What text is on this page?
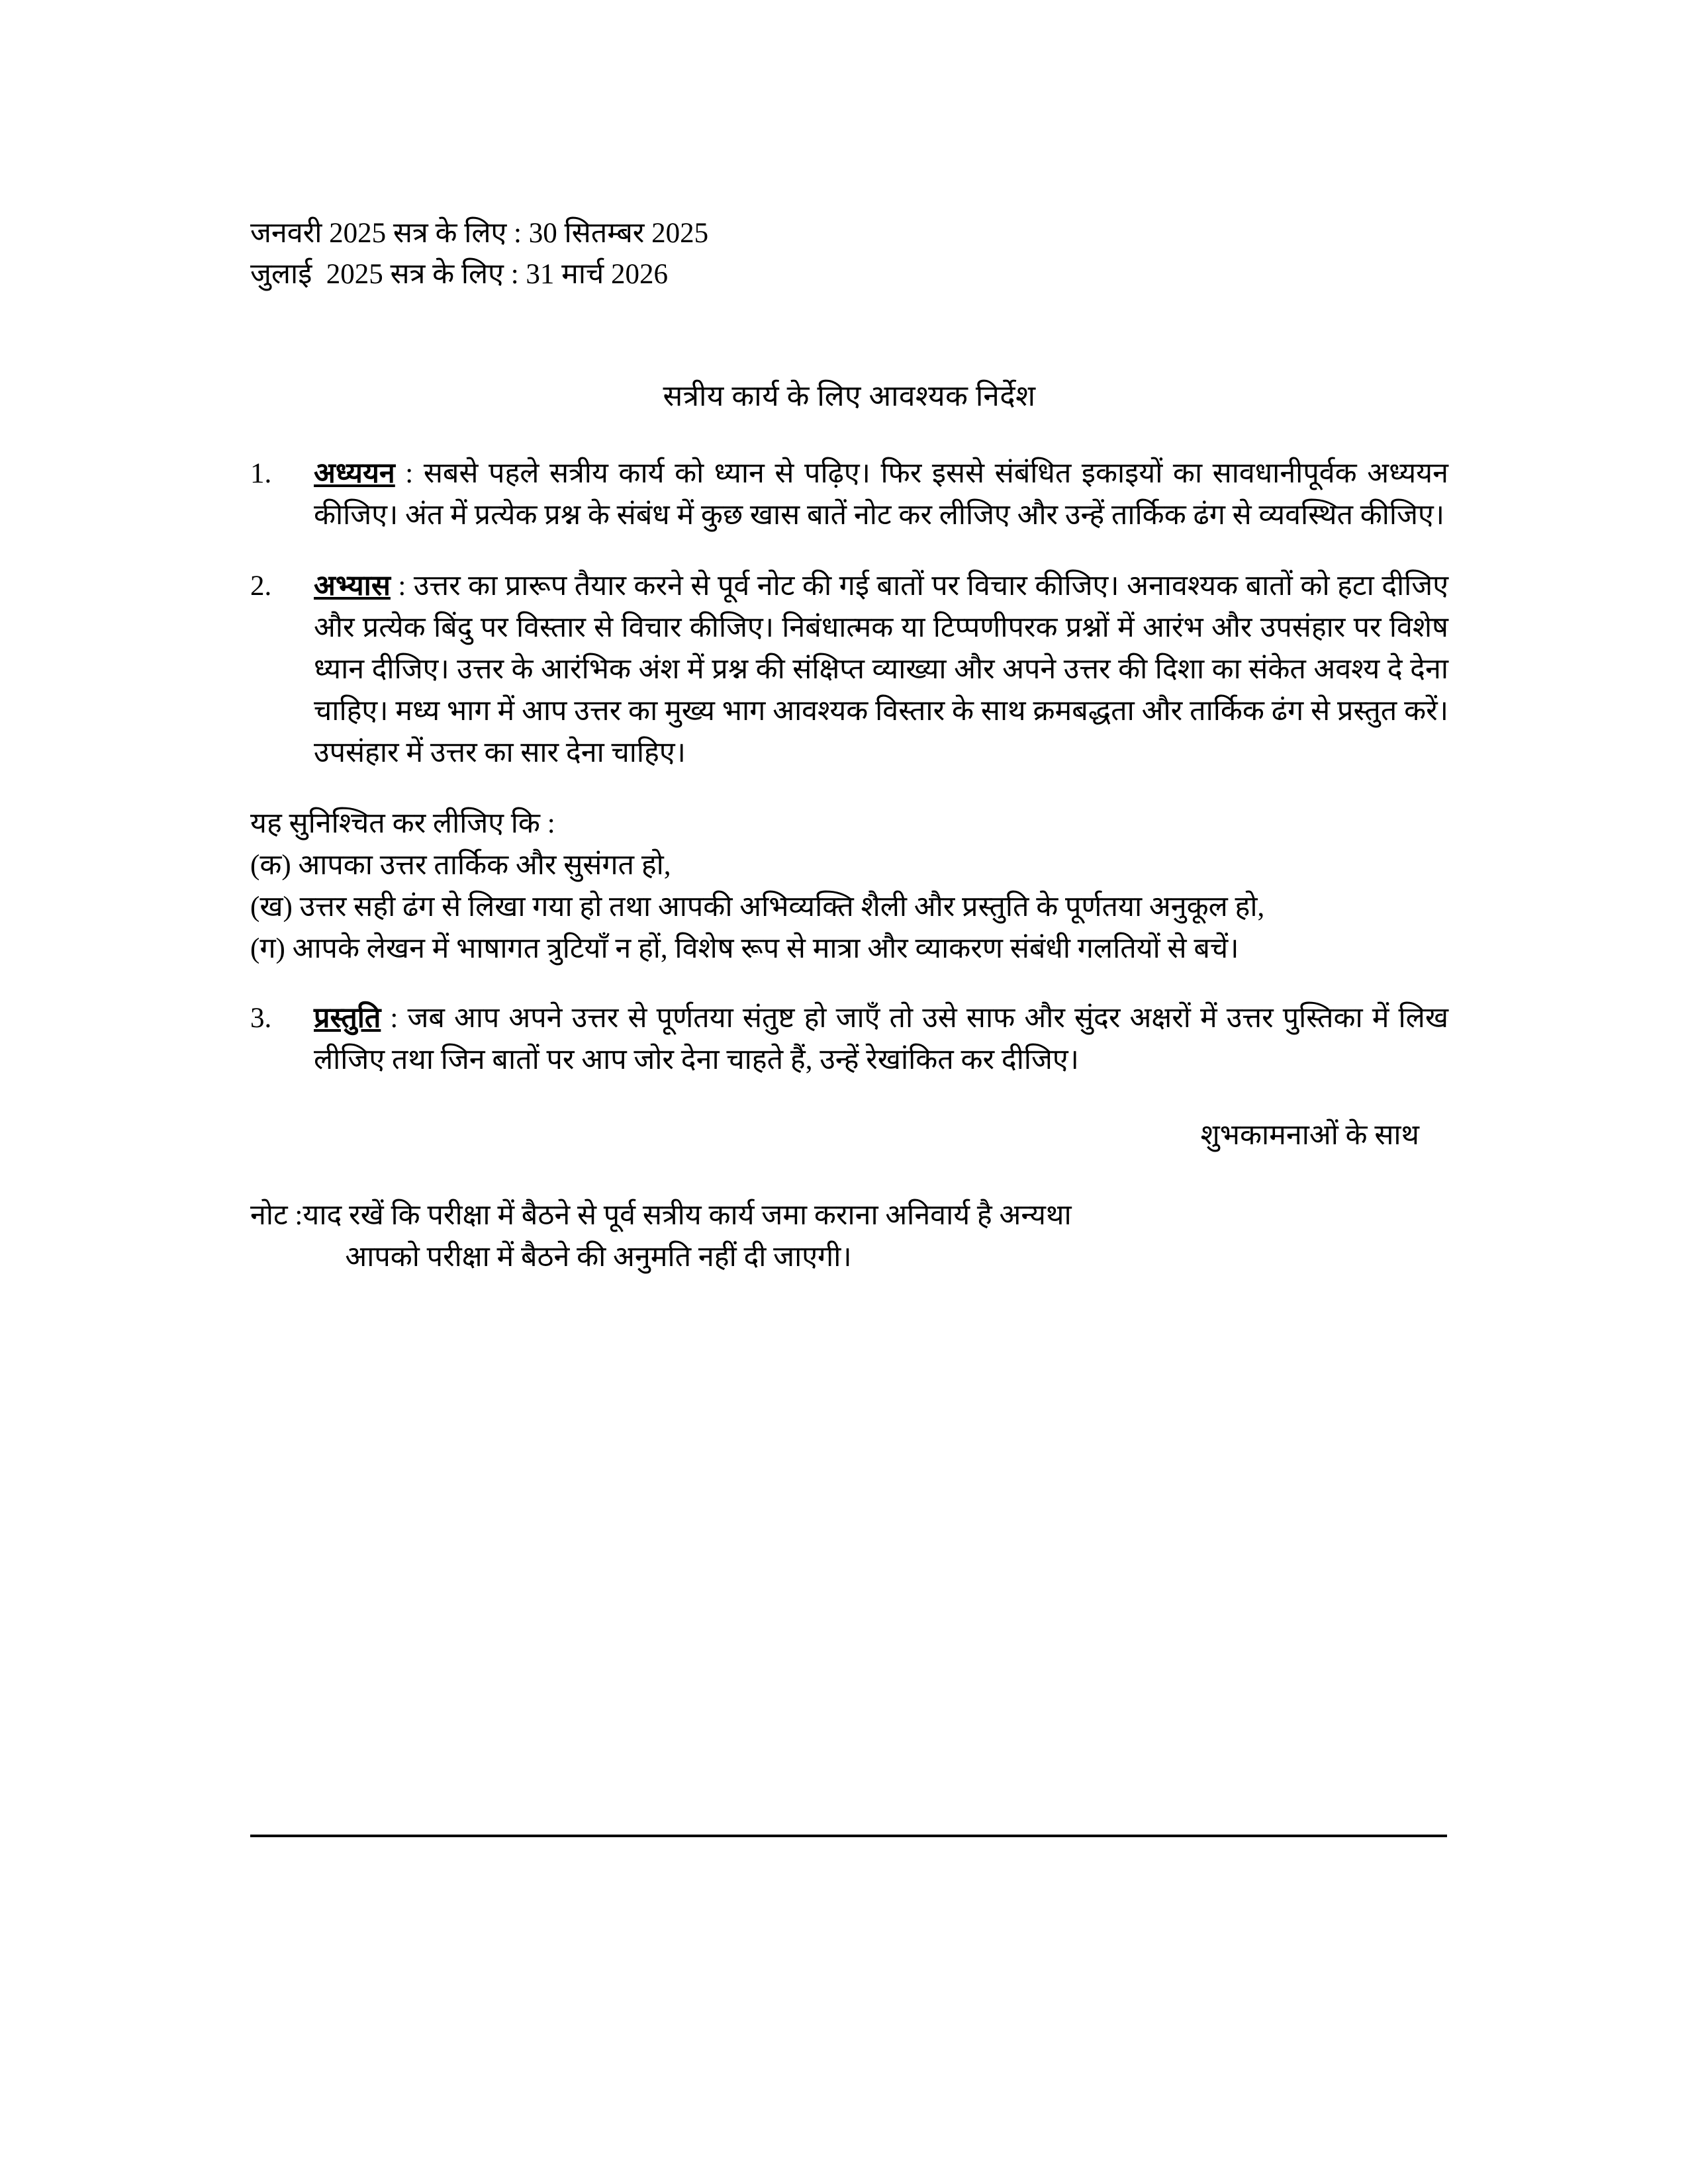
जनवरी 2025 सत्र के लिए : 30 सितम्बर 2025
जुलाई  2025 सत्र के लिए : 31 मार्च 2026
सत्रीय कार्य के लिए आवश्यक निर्देश
1.	अध्ययन : सबसे पहले सत्रीय कार्य को ध्यान से पढ़िए। फिर इससे संबंधित इकाइयों का सावधानीपूर्वक अध्ययन कीजिए। अंत में प्रत्येक प्रश्न के संबंध में कुछ खास बातें नोट कर लीजिए और उन्हें तार्किक ढंग से व्यवस्थित कीजिए।
2.	अभ्यास : उत्तर का प्रारूप तैयार करने से पूर्व नोट की गई बातों पर विचार कीजिए। अनावश्यक बातों को हटा दीजिए और प्रत्येक बिंदु पर विस्तार से विचार कीजिए। निबंधात्मक या टिप्पणीपरक प्रश्नों में आरंभ और उपसंहार पर विशेष ध्यान दीजिए। उत्तर के आरंभिक अंश में प्रश्न की संक्षिप्त व्याख्या और अपने उत्तर की दिशा का संकेत अवश्य दे देना चाहिए। मध्य भाग में आप उत्तर का मुख्य भाग आवश्यक विस्तार के साथ क्रमबद्धता और तार्किक ढंग से प्रस्तुत करें। उपसंहार में उत्तर का सार देना चाहिए।
यह सुनिश्चित कर लीजिए कि :
(क) आपका उत्तर तार्किक और सुसंगत हो,
(ख) उत्तर सही ढंग से लिखा गया हो तथा आपकी अभिव्यक्ति शैली और प्रस्तुति के पूर्णतया अनुकूल हो,
(ग) आपके लेखन में भाषागत त्रुटियाँ न हों, विशेष रूप से मात्रा और व्याकरण संबंधी गलतियों से बचें।
3.	प्रस्तुति : जब आप अपने उत्तर से पूर्णतया संतुष्ट हो जाएँ तो उसे साफ और सुंदर अक्षरों में उत्तर पुस्तिका में लिख लीजिए तथा जिन बातों पर आप जोर देना चाहते हैं, उन्हें रेखांकित कर दीजिए।
शुभकामनाओं के साथ
नोट : याद रखें कि परीक्षा में बैठने से पूर्व सत्रीय कार्य जमा कराना अनिवार्य है अन्यथा
आपको परीक्षा में बैठने की अनुमति नहीं दी जाएगी।
